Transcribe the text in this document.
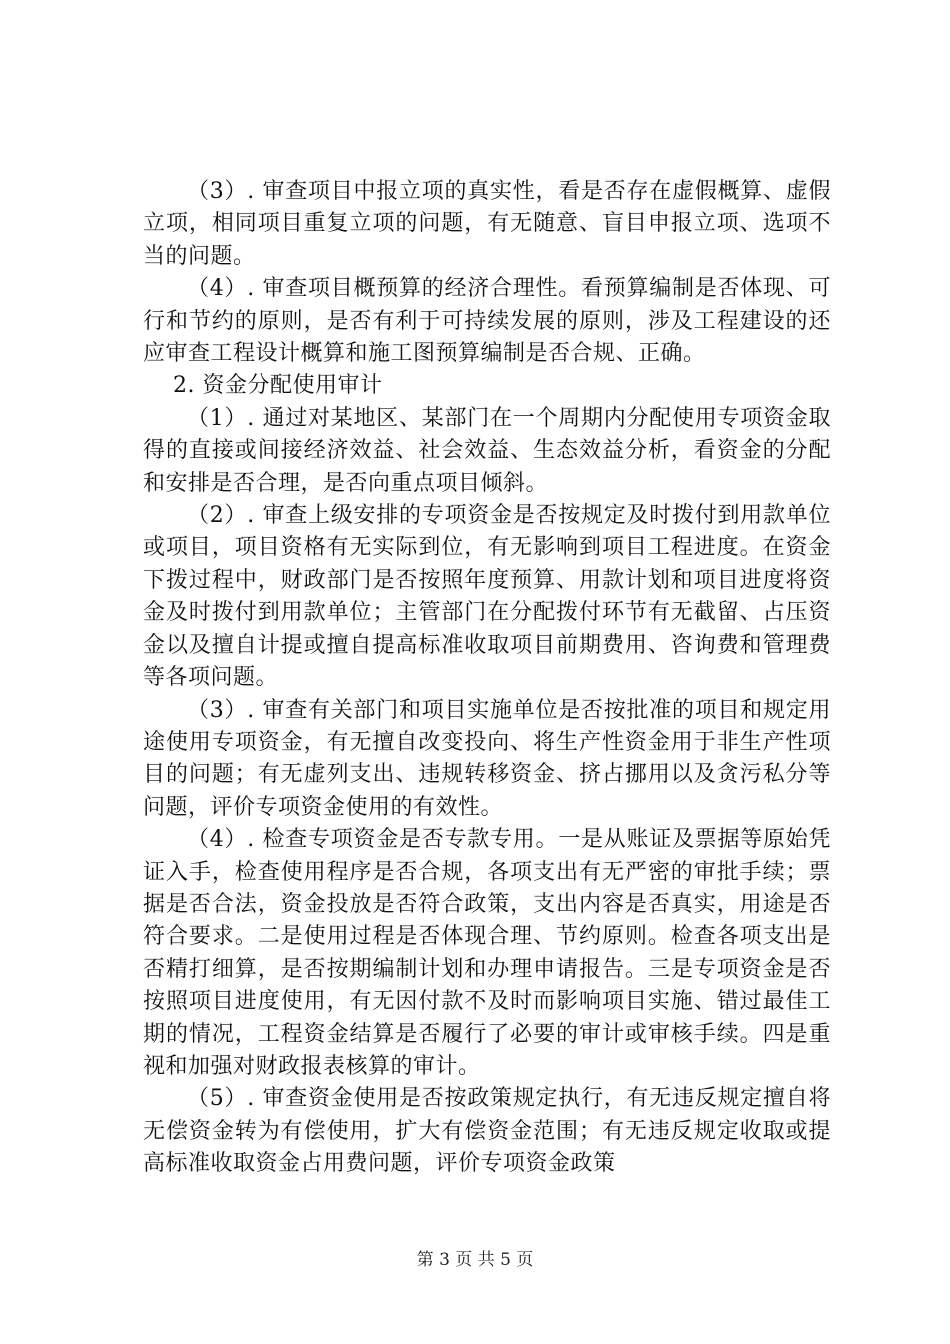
（3）. 审查项目中报立项的真实性，看是否存在虚假概算、虚假立项，相同项目重复立项的问题，有无随意、盲目申报立项、选项不当的问题。

（4）. 审查项目概预算的经济合理性。看预算编制是否体现、可行和节约的原则，是否有利于可持续发展的原则，涉及工程建设的还应审查工程设计概算和施工图预算编制是否合规、正确。

2. 资金分配使用审计

（1）. 通过对某地区、某部门在一个周期内分配使用专项资金取得的直接或间接经济效益、社会效益、生态效益分析，看资金的分配和安排是否合理，是否向重点项目倾斜。

（2）. 审查上级安排的专项资金是否按规定及时拨付到用款单位或项目，项目资格有无实际到位，有无影响到项目工程进度。在资金下拨过程中，财政部门是否按照年度预算、用款计划和项目进度将资金及时拨付到用款单位；主管部门在分配拨付环节有无截留、占压资金以及擅自计提或擅自提高标准收取项目前期费用、咨询费和管理费等各项问题。

（3）. 审查有关部门和项目实施单位是否按批准的项目和规定用途使用专项资金，有无擅自改变投向、将生产性资金用于非生产性项目的问题；有无虚列支出、违规转移资金、挤占挪用以及贪污私分等问题，评价专项资金使用的有效性。

（4）. 检查专项资金是否专款专用。一是从账证及票据等原始凭证入手，检查使用程序是否合规，各项支出有无严密的审批手续；票据是否合法，资金投放是否符合政策，支出内容是否真实，用途是否符合要求。二是使用过程是否体现合理、节约原则。检查各项支出是否精打细算，是否按期编制计划和办理申请报告。三是专项资金是否按照项目进度使用，有无因付款不及时而影响项目实施、错过最佳工期的情况，工程资金结算是否履行了必要的审计或审核手续。四是重视和加强对财政报表核算的审计。

（5）. 审查资金使用是否按政策规定执行，有无违反规定擅自将无偿资金转为有偿使用，扩大有偿资金范围；有无违反规定收取或提高标准收取资金占用费问题，评价专项资金政策

第 3 页 共 5 页
